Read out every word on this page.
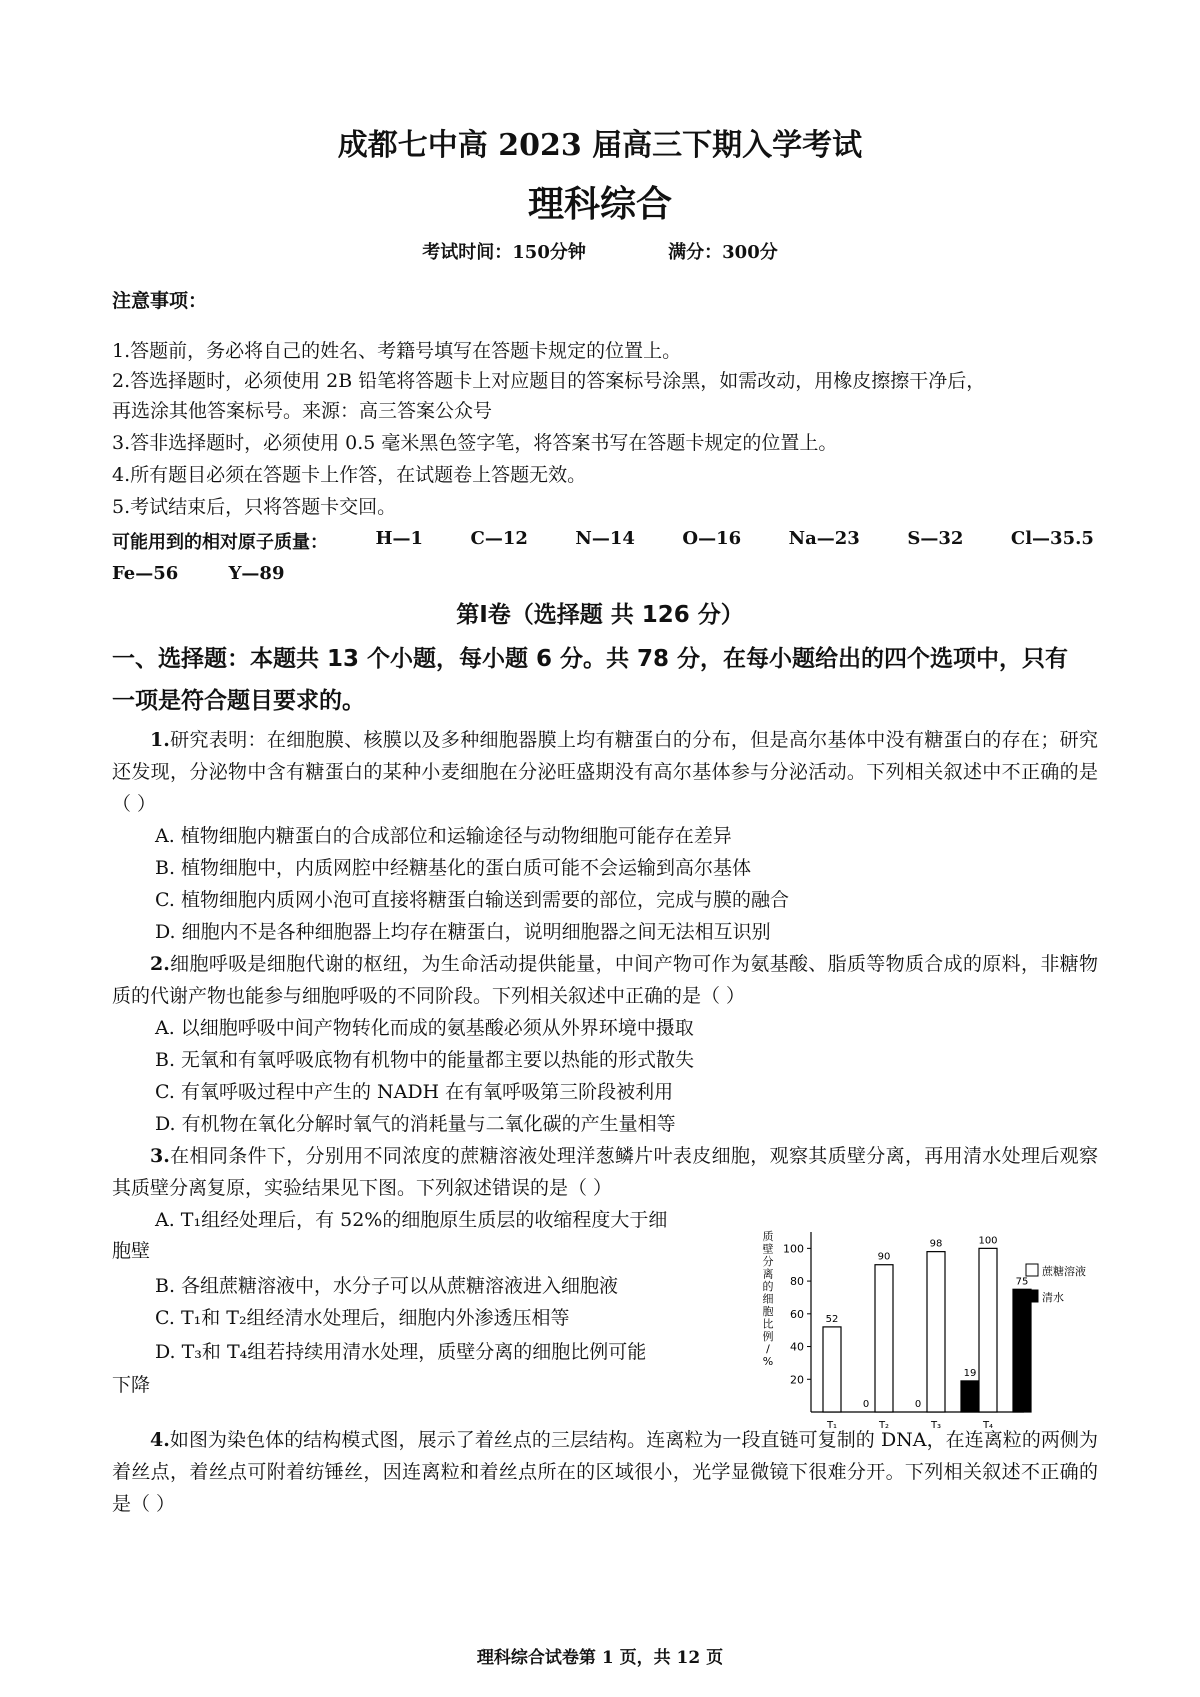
成都七中高 2023 届高三下期入学考试
理科综合
考试时间：150分钟	满分：300分
注意事项：
1.答题前，务必将自己的姓名、考籍号填写在答题卡规定的位置上。
2.答选择题时，必须使用 2B 铅笔将答题卡上对应题目的答案标号涂黑，如需改动，用橡皮擦擦干净后，
再选涂其他答案标号。来源：高三答案公众号
3.答非选择题时，必须使用 0.5 毫米黑色签字笔，将答案书写在答题卡规定的位置上。
4.所有题目必须在答题卡上作答，在试题卷上答题无效。
5.考试结束后，只将答题卡交回。
可能用到的相对原子质量：	H—1	C—12	N—14	O—16	Na—23	S—32	Cl—35.5
Fe—56	Y—89
第Ⅰ卷（选择题 共 126 分）
一、选择题：本题共 13 个小题，每小题 6 分。共 78 分，在每小题给出的四个选项中，只有
一项是符合题目要求的。
1.研究表明：在细胞膜、核膜以及多种细胞器膜上均有糖蛋白的分布，但是高尔基体中没有糖蛋白的存在；研究还发现，分泌物中含有糖蛋白的某种小麦细胞在分泌旺盛期没有高尔基体参与分泌活动。下列相关叙述中不正确的是（ ）
A. 植物细胞内糖蛋白的合成部位和运输途径与动物细胞可能存在差异
B. 植物细胞中，内质网腔中经糖基化的蛋白质可能不会运输到高尔基体
C. 植物细胞内质网小泡可直接将糖蛋白输送到需要的部位，完成与膜的融合
D. 细胞内不是各种细胞器上均存在糖蛋白，说明细胞器之间无法相互识别
2.细胞呼吸是细胞代谢的枢纽，为生命活动提供能量，中间产物可作为氨基酸、脂质等物质合成的原料，非糖物质的代谢产物也能参与细胞呼吸的不同阶段。下列相关叙述中正确的是（ ）
A. 以细胞呼吸中间产物转化而成的氨基酸必须从外界环境中摄取
B. 无氧和有氧呼吸底物有机物中的能量都主要以热能的形式散失
C. 有氧呼吸过程中产生的 NADH 在有氧呼吸第三阶段被利用
D. 有机物在氧化分解时氧气的消耗量与二氧化碳的产生量相等
3.在相同条件下，分别用不同浓度的蔗糖溶液处理洋葱鳞片叶表皮细胞，观察其质壁分离，再用清水处理后观察其质壁分离复原，实验结果见下图。下列叙述错误的是（ ）
A. T₁组经处理后，有 52%的细胞原生质层的收缩程度大于细
胞壁
B. 各组蔗糖溶液中，水分子可以从蔗糖溶液进入细胞液
C. T₁和 T₂组经清水处理后，细胞内外渗透压相等
D. T₃和 T₄组若持续用清水处理，质壁分离的细胞比例可能
下降
质
壁
分
离
的
细
胞
比
例
/
%
20
40
60
80
100
52
0
90
0
98
19
100
75
T₁	T₂	T₃	T₄
蔗糖溶液
清水
4.如图为染色体的结构模式图，展示了着丝点的三层结构。连离粒为一段直链可复制的 DNA，在连离粒的两侧为着丝点，着丝点可附着纺锤丝，因连离粒和着丝点所在的区域很小，光学显微镜下很难分开。下列相关叙述不正确的是（ ）
理科综合试卷第 1 页，共 12 页
